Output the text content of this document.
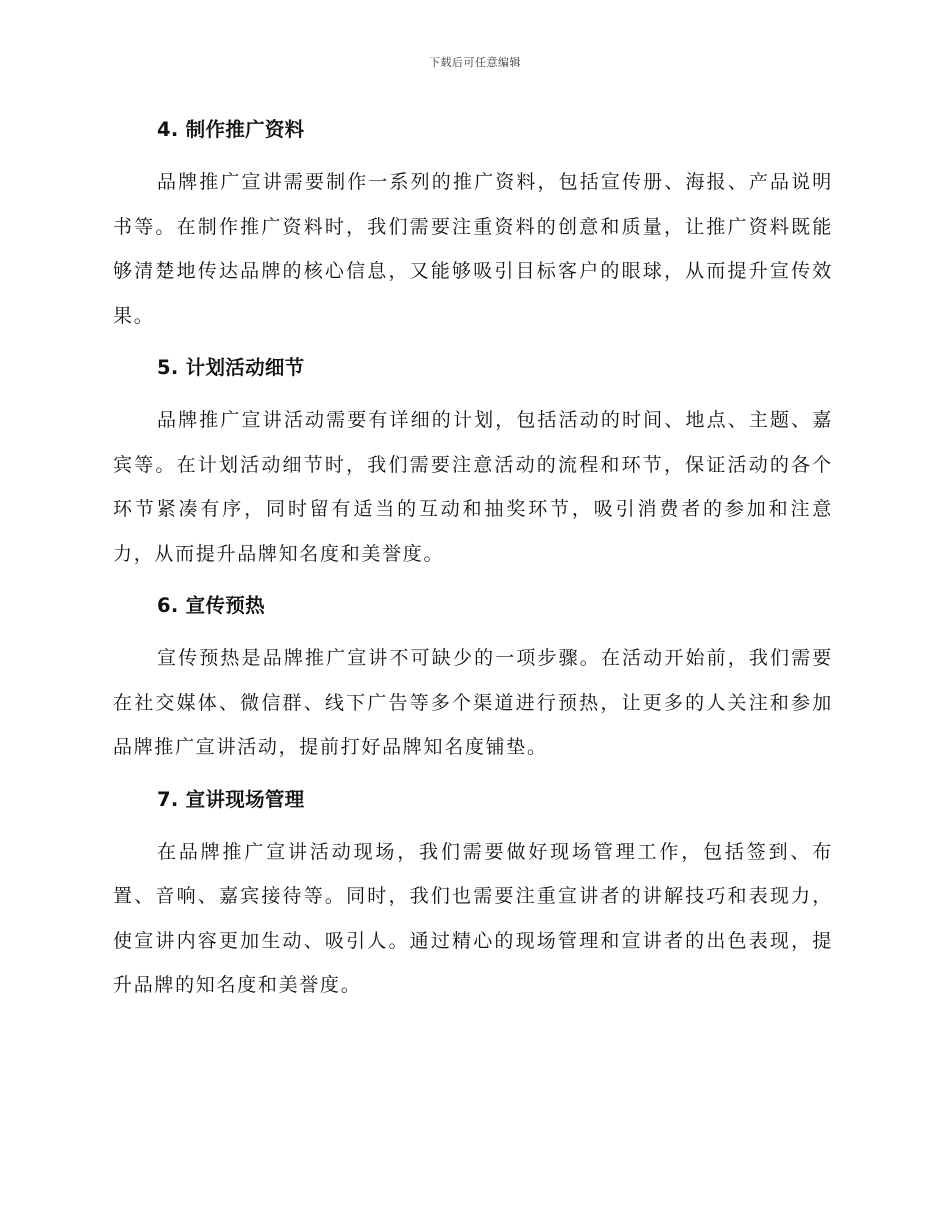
下载后可任意编辑
4. 制作推广资料

品牌推广宣讲需要制作一系列的推广资料，包括宣传册、海报、产品说明书等。在制作推广资料时，我们需要注重资料的创意和质量，让推广资料既能够清楚地传达品牌的核心信息，又能够吸引目标客户的眼球，从而提升宣传效果。

5. 计划活动细节

品牌推广宣讲活动需要有详细的计划，包括活动的时间、地点、主题、嘉宾等。在计划活动细节时，我们需要注意活动的流程和环节，保证活动的各个环节紧凑有序，同时留有适当的互动和抽奖环节，吸引消费者的参加和注意力，从而提升品牌知名度和美誉度。

6. 宣传预热

宣传预热是品牌推广宣讲不可缺少的一项步骤。在活动开始前，我们需要在社交媒体、微信群、线下广告等多个渠道进行预热，让更多的人关注和参加品牌推广宣讲活动，提前打好品牌知名度铺垫。

7. 宣讲现场管理

在品牌推广宣讲活动现场，我们需要做好现场管理工作，包括签到、布置、音响、嘉宾接待等。同时，我们也需要注重宣讲者的讲解技巧和表现力，使宣讲内容更加生动、吸引人。通过精心的现场管理和宣讲者的出色表现，提升品牌的知名度和美誉度。
